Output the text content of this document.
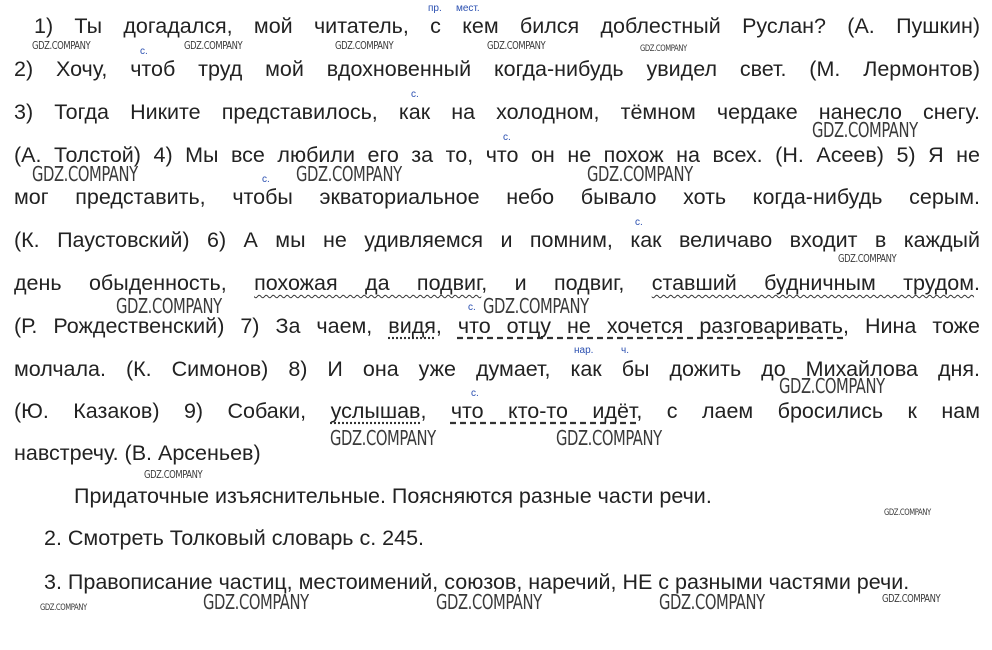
1) Ты догадался, мой читатель, с кем бился доблестный Руслан? (А. Пушкин)
2) Хочу, чтоб труд мой вдохновенный когда-нибудь увидел свет. (М. Лермонтов)
3) Тогда Никите представилось, как на холодном, тёмном чердаке нанесло снегу.
(А. Толстой) 4) Мы все любили его за то, что он не похож на всех. (Н. Асеев) 5) Я не
мог представить, чтобы экваториальное небо бывало хоть когда-нибудь серым.
(К. Паустовский) 6) А мы не удивляемся и помним, как величаво входит в каждый
день обыденность, похожая да подвиг, и подвиг, ставший будничным трудом.
(Р. Рождественский) 7) За чаем, видя, что отцу не хочется разговаривать, Нина тоже
молчала. (К. Симонов) 8) И она уже думает, как бы дожить до Михайлова дня.
(Ю. Казаков) 9) Собаки, услышав, что кто-то идёт, с лаем бросились к нам
навстречу. (В. Арсеньев)
Придаточные изъяснительные. Поясняются разные части речи.
2. Смотреть Толковый словарь с. 245.
3. Правописание частиц, местоимений, союзов, наречий, НЕ с разными частями речи.
пр. мест.
с.
с.
с.
с.
с.
с.
нар.	ч.
с.
GDZ.COMPANY	GDZ.COMPANY	GDZ.COMPANY	GDZ.COMPANY	GDZ.COMPANY
GDZ.COMPANY
GDZ.COMPANY	GDZ.COMPANY	GDZ.COMPANY
GDZ.COMPANY
GDZ.COMPANY	GDZ.COMPANY
GDZ.COMPANY
GDZ.COMPANY	GDZ.COMPANY
GDZ.COMPANY
GDZ.COMPANY
GDZ.COMPANY	GDZ.COMPANY	GDZ.COMPANY
GDZ.COMPANY
GDZ.COMPANY
